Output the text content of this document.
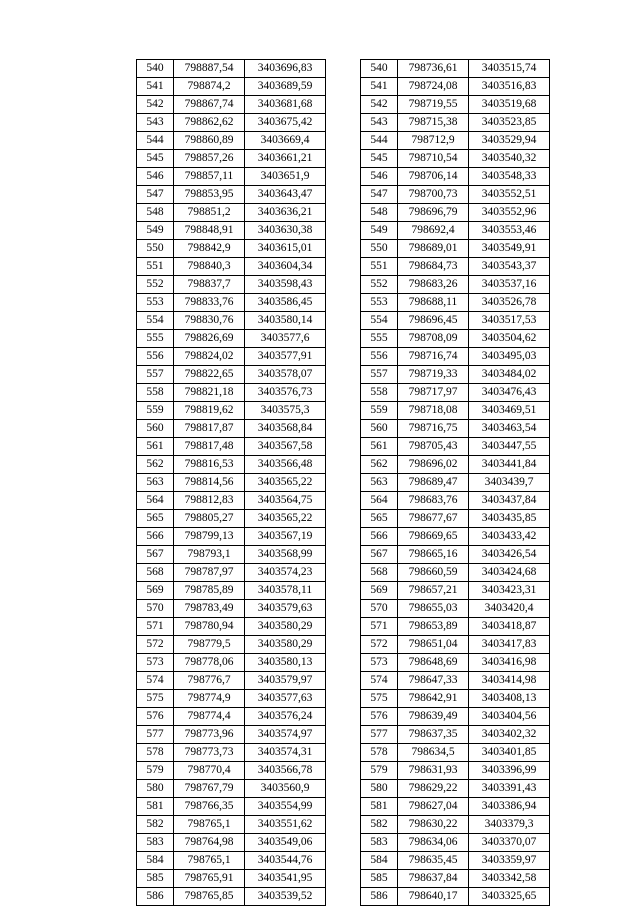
540	798887,54	3403696,83
541	798874,2	3403689,59
542	798867,74	3403681,68
543	798862,62	3403675,42
544	798860,89	3403669,4
545	798857,26	3403661,21
546	798857,11	3403651,9
547	798853,95	3403643,47
548	798851,2	3403636,21
549	798848,91	3403630,38
550	798842,9	3403615,01
551	798840,3	3403604,34
552	798837,7	3403598,43
553	798833,76	3403586,45
554	798830,76	3403580,14
555	798826,69	3403577,6
556	798824,02	3403577,91
557	798822,65	3403578,07
558	798821,18	3403576,73
559	798819,62	3403575,3
560	798817,87	3403568,84
561	798817,48	3403567,58
562	798816,53	3403566,48
563	798814,56	3403565,22
564	798812,83	3403564,75
565	798805,27	3403565,22
566	798799,13	3403567,19
567	798793,1	3403568,99
568	798787,97	3403574,23
569	798785,89	3403578,11
570	798783,49	3403579,63
571	798780,94	3403580,29
572	798779,5	3403580,29
573	798778,06	3403580,13
574	798776,7	3403579,97
575	798774,9	3403577,63
576	798774,4	3403576,24
577	798773,96	3403574,97
578	798773,73	3403574,31
579	798770,4	3403566,78
580	798767,79	3403560,9
581	798766,35	3403554,99
582	798765,1	3403551,62
583	798764,98	3403549,06
584	798765,1	3403544,76
585	798765,91	3403541,95
586	798765,85	3403539,52
540	798736,61	3403515,74
541	798724,08	3403516,83
542	798719,55	3403519,68
543	798715,38	3403523,85
544	798712,9	3403529,94
545	798710,54	3403540,32
546	798706,14	3403548,33
547	798700,73	3403552,51
548	798696,79	3403552,96
549	798692,4	3403553,46
550	798689,01	3403549,91
551	798684,73	3403543,37
552	798683,26	3403537,16
553	798688,11	3403526,78
554	798696,45	3403517,53
555	798708,09	3403504,62
556	798716,74	3403495,03
557	798719,33	3403484,02
558	798717,97	3403476,43
559	798718,08	3403469,51
560	798716,75	3403463,54
561	798705,43	3403447,55
562	798696,02	3403441,84
563	798689,47	3403439,7
564	798683,76	3403437,84
565	798677,67	3403435,85
566	798669,65	3403433,42
567	798665,16	3403426,54
568	798660,59	3403424,68
569	798657,21	3403423,31
570	798655,03	3403420,4
571	798653,89	3403418,87
572	798651,04	3403417,83
573	798648,69	3403416,98
574	798647,33	3403414,98
575	798642,91	3403408,13
576	798639,49	3403404,56
577	798637,35	3403402,32
578	798634,5	3403401,85
579	798631,93	3403396,99
580	798629,22	3403391,43
581	798627,04	3403386,94
582	798630,22	3403379,3
583	798634,06	3403370,07
584	798635,45	3403359,97
585	798637,84	3403342,58
586	798640,17	3403325,65
